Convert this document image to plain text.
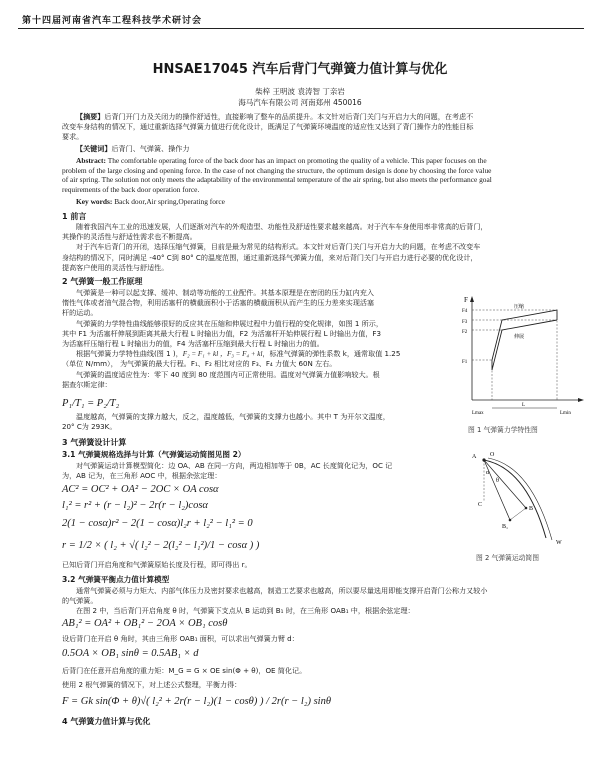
第十四届河南省汽车工程科技学术研讨会
HNSAE17045 汽车后背门气弹簧力值计算与优化
柴梓 王明波 袁涛智 丁亲岩
海马汽车有限公司 河南郑州 450016
【摘要】后背门开门力及关闭力的操作舒适性，直接影响了整车的品质提升。本文针对后背门关门与开启力大的问题，在考虑不
改变车身结构的情况下，通过重新选择气弹簧力值进行优化设计，既满足了气弹簧环境温度的适应性又达到了背门操作力的性能目标
要求。
【关键词】后背门、气弹簧、操作力
Abstract: The comfortable operating force of the back door has an impact on promoting the quality of a vehicle. This paper focuses on the
problem of the large closing and opening force. In the case of not changing the structure, the optimum design is done by choosing the force value
of air spring. The solution not only meets the adaptability of the environmental temperature of the air spring, but also meets the performance goal
requirements of the back door operation force.
Key words: Back door,Air spring,Operating force
1 前言
随着我国汽车工业的迅速发展，人们逐渐对汽车的外观造型、功能性及舒适性要求越来越高。对于汽车车身使用率非常高的后背门，
其操作的灵活性与舒适性需求也不断提高。
对于汽车后背门的开闭，选择压缩气弹簧，目前是最为常见的结构形式。本文针对后背门关门与开启力大的问题，在考虑不改变车
身结构的情况下，同时满足 -40° C到 80° C的温度范围，通过重新选择气弹簧力值，来对后背门关门与开启力进行必要的优化设计，
提高客户使用的灵活性与舒适性。
2 气弹簧一般工作原理
气弹簧是一种可以起支撑、缓冲、制动等功能的工业配件。其基本原理是在密闭的压力缸内充入
惰性气体或者油气混合物，利用活塞杆的横截面积小于活塞的横截面积从而产生的压力差来实现活塞
杆的运动。
气弹簧的力学特性曲线能够很好的反应其在压缩和伸展过程中力值行程的变化规律，如图 1 所示，
其中 F1 为活塞杆伸展到距离其最大行程 L 时输出力值，F2 为活塞杆开始伸展行程 L 时输出力值，F3
为活塞杆压缩行程 L 时输出力的值，F4 为活塞杆压缩到最大行程 L 时输出力的值。
根据气弹簧力学特性曲线(图 1 )，F₂ = F₁ + kl ，F₃ = F₄ + kl，标准气弹簧的弹性系数 k，通常取值 1.25
（单位 N/mm）， 为气弹簧的最大行程。F₁、F₂ 相比对应的 F₃、F₄ 力值大 60N 左右。
气弹簧的温度适应性为：零下 40 度到 80 度范围内可正常使用。温度对气弹簧力值影响较大。根
据查尔斯定律：
P₁/T₁ = P₂/T₂
温度越高，气弹簧的支撑力越大，反之，温度越低，气弹簧的支撑力也越小。其中 T 为开尔文温度，
20° C为 293K。
F
F4
F3
F2
F1
压缩
伸展
Lmax
L
Lmin
图 1 气弹簧力学特性图
3 气弹簧设计计算
3.1 气弹簧规格选择与计算（气弹簧运动简图见图 2）
对气弹簧运动计算模型简化：边 OA、AB 在同一方向，两边相加等于 0B，AC 长度简化记为，OC 记
为，AB 记为，在三角形 AOC 中，根据余弦定理：
AC² = OC² + OA² − 2OC × OA cosα
l₁² = r² + (r − l₂)² − 2r(r − l₂)cosα
2(1 − cosα)r² − 2(1 − cosα)l₂r + l₂² − l₁² = 0
r = 1/2 × ( l₂ + √( l₂² − 2(l₂² − l₁²)/1 − cosα ) )
已知后背门开启角度和气弹簧原始长度及行程，即可得出 r。
A O
B
C
B₁
α
θ
W
图 2 气弹簧运动简图
3.2 气弹簧平衡点力值计算模型
通常气弹簧必须与力矩大、内部气体压力及密封要求也越高，制造工艺要求也越高，所以要尽量选用即能支撑开启背门公称力又较小
的气弹簧。
在图 2 中，当后背门开启角度 θ 时，气弹簧下支点从 B 运动到 B₁ 时，在三角形 OAB₁ 中，根据余弦定理：
AB₁² = OA² + OB₁² − 2OA × OB₁ cosθ
设后背门在开启 θ 角时，其由三角形 OAB₁ 面积，可以求出气弹簧力臂 d：
0.5OA × OB₁ sinθ = 0.5AB₁ × d
后背门在任意开启角度的重力矩：M_G = G × OE sin(Φ + θ)，OE 简化记。
使用 2 根气弹簧的情况下，对上述公式整理，平衡力得：
F = Gk sin(Φ + θ)√( l₂² + 2r(r − l₂)(1 − cosθ) ) / 2r(r − l₂) sinθ
4 气弹簧力值计算与优化
